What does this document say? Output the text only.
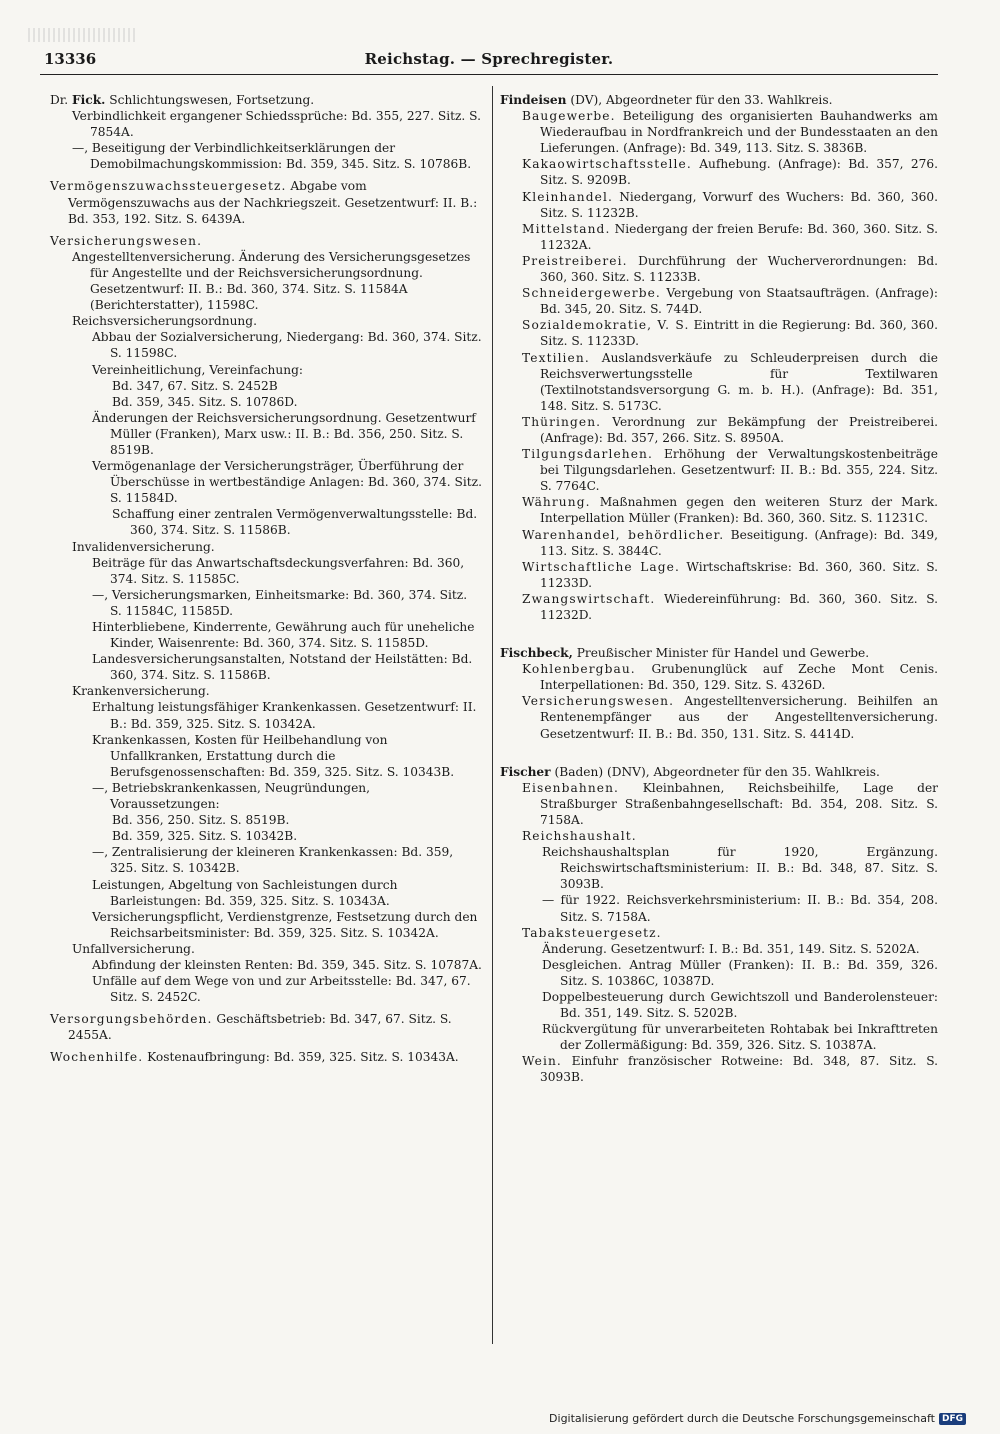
13336	Reichstag. — Sprechregister.

Dr. Fick. Schlichtungswesen, Fortsetzung.

Verbindlichkeit ergangener Schiedssprüche: Bd. 355, 227. Sitz. S. 7854A.

—, Beseitigung der Verbindlichkeitserklärungen der Demobilmachungskommission: Bd. 359, 345. Sitz. S. 10786B.

Vermögenszuwachssteuergesetz. Abgabe vom Vermögenszuwachs aus der Nachkriegszeit. Gesetzentwurf: II. B.: Bd. 353, 192. Sitz. S. 6439A.

Versicherungswesen.

Angestelltenversicherung. Änderung des Versicherungsgesetzes für Angestellte und der Reichsversicherungsordnung. Gesetzentwurf: II. B.: Bd. 360, 374. Sitz. S. 11584A (Berichterstatter), 11598C.

Reichsversicherungsordnung.

Abbau der Sozialversicherung, Niedergang: Bd. 360, 374. Sitz. S. 11598C.

Vereinheitlichung, Vereinfachung:

Bd. 347, 67. Sitz. S. 2452B

Bd. 359, 345. Sitz. S. 10786D.

Änderungen der Reichsversicherungsordnung. Gesetzentwurf Müller (Franken), Marx usw.: II. B.: Bd. 356, 250. Sitz. S. 8519B.

Vermögenanlage der Versicherungsträger, Überführung der Überschüsse in wertbeständige Anlagen: Bd. 360, 374. Sitz. S. 11584D.

Schaffung einer zentralen Vermögenverwaltungsstelle: Bd. 360, 374. Sitz. S. 11586B.

Invalidenversicherung.

Beiträge für das Anwartschaftsdeckungsverfahren: Bd. 360, 374. Sitz. S. 11585C.

—, Versicherungsmarken, Einheitsmarke: Bd. 360, 374. Sitz. S. 11584C, 11585D.

Hinterbliebene, Kinderrente, Gewährung auch für uneheliche Kinder, Waisenrente: Bd. 360, 374. Sitz. S. 11585D.

Landesversicherungsanstalten, Notstand der Heilstätten: Bd. 360, 374. Sitz. S. 11586B.

Krankenversicherung.

Erhaltung leistungsfähiger Krankenkassen. Gesetzentwurf: II. B.: Bd. 359, 325. Sitz. S. 10342A.

Krankenkassen, Kosten für Heilbehandlung von Unfallkranken, Erstattung durch die Berufsgenossenschaften: Bd. 359, 325. Sitz. S. 10343B.

—, Betriebskrankenkassen, Neugründungen, Voraussetzungen:

Bd. 356, 250. Sitz. S. 8519B.

Bd. 359, 325. Sitz. S. 10342B.

—, Zentralisierung der kleineren Krankenkassen: Bd. 359, 325. Sitz. S. 10342B.

Leistungen, Abgeltung von Sachleistungen durch Barleistungen: Bd. 359, 325. Sitz. S. 10343A.

Versicherungspflicht, Verdienstgrenze, Festsetzung durch den Reichsarbeitsminister: Bd. 359, 325. Sitz. S. 10342A.

Unfallversicherung.

Abfindung der kleinsten Renten: Bd. 359, 345. Sitz. S. 10787A.

Unfälle auf dem Wege von und zur Arbeitsstelle: Bd. 347, 67. Sitz. S. 2452C.

Versorgungsbehörden. Geschäftsbetrieb: Bd. 347, 67. Sitz. S. 2455A.

Wochenhilfe. Kostenaufbringung: Bd. 359, 325. Sitz. S. 10343A.

Findeisen (DV), Abgeordneter für den 33. Wahlkreis.

Baugewerbe. Beteiligung des organisierten Bauhandwerks am Wiederaufbau in Nordfrankreich und der Bundesstaaten an den Lieferungen. (Anfrage): Bd. 349, 113. Sitz. S. 3836B.

Kakaowirtschaftsstelle. Aufhebung. (Anfrage): Bd. 357, 276. Sitz. S. 9209B.

Kleinhandel. Niedergang, Vorwurf des Wuchers: Bd. 360, 360. Sitz. S. 11232B.

Mittelstand. Niedergang der freien Berufe: Bd. 360, 360. Sitz. S. 11232A.

Preistreiberei. Durchführung der Wucherverordnungen: Bd. 360, 360. Sitz. S. 11233B.

Schneidergewerbe. Vergebung von Staatsaufträgen. (Anfrage): Bd. 345, 20. Sitz. S. 744D.

Sozialdemokratie, V. S. Eintritt in die Regierung: Bd. 360, 360. Sitz. S. 11233D.

Textilien. Auslandsverkäufe zu Schleuderpreisen durch die Reichsverwertungsstelle für Textilwaren (Textilnotstandsversorgung G. m. b. H.). (Anfrage): Bd. 351, 148. Sitz. S. 5173C.

Thüringen. Verordnung zur Bekämpfung der Preistreiberei. (Anfrage): Bd. 357, 266. Sitz. S. 8950A.

Tilgungsdarlehen. Erhöhung der Verwaltungskostenbeiträge bei Tilgungsdarlehen. Gesetzentwurf: II. B.: Bd. 355, 224. Sitz. S. 7764C.

Währung. Maßnahmen gegen den weiteren Sturz der Mark. Interpellation Müller (Franken): Bd. 360, 360. Sitz. S. 11231C.

Warenhandel, behördlicher. Beseitigung. (Anfrage): Bd. 349, 113. Sitz. S. 3844C.

Wirtschaftliche Lage. Wirtschaftskrise: Bd. 360, 360. Sitz. S. 11233D.

Zwangswirtschaft. Wiedereinführung: Bd. 360, 360. Sitz. S. 11232D.

Fischbeck, Preußischer Minister für Handel und Gewerbe.

Kohlenbergbau. Grubenunglück auf Zeche Mont Cenis. Interpellationen: Bd. 350, 129. Sitz. S. 4326D.

Versicherungswesen. Angestelltenversicherung. Beihilfen an Rentenempfänger aus der Angestelltenversicherung. Gesetzentwurf: II. B.: Bd. 350, 131. Sitz. S. 4414D.

Fischer (Baden) (DNV), Abgeordneter für den 35. Wahlkreis.

Eisenbahnen. Kleinbahnen, Reichsbeihilfe, Lage der Straßburger Straßenbahngesellschaft: Bd. 354, 208. Sitz. S. 7158A.

Reichshaushalt.

Reichshaushaltsplan für 1920, Ergänzung. Reichswirtschaftsministerium: II. B.: Bd. 348, 87. Sitz. S. 3093B.

— für 1922. Reichsverkehrsministerium: II. B.: Bd. 354, 208. Sitz. S. 7158A.

Tabaksteuergesetz.

Änderung. Gesetzentwurf: I. B.: Bd. 351, 149. Sitz. S. 5202A.

Desgleichen. Antrag Müller (Franken): II. B.: Bd. 359, 326. Sitz. S. 10386C, 10387D.

Doppelbesteuerung durch Gewichtszoll und Banderolensteuer: Bd. 351, 149. Sitz. S. 5202B.

Rückvergütung für unverarbeiteten Rohtabak bei Inkrafttreten der Zollermäßigung: Bd. 359, 326. Sitz. S. 10387A.

Wein. Einfuhr französischer Rotweine: Bd. 348, 87. Sitz. S. 3093B.

Digitalisierung gefördert durch die Deutsche Forschungsgemeinschaft DFG
